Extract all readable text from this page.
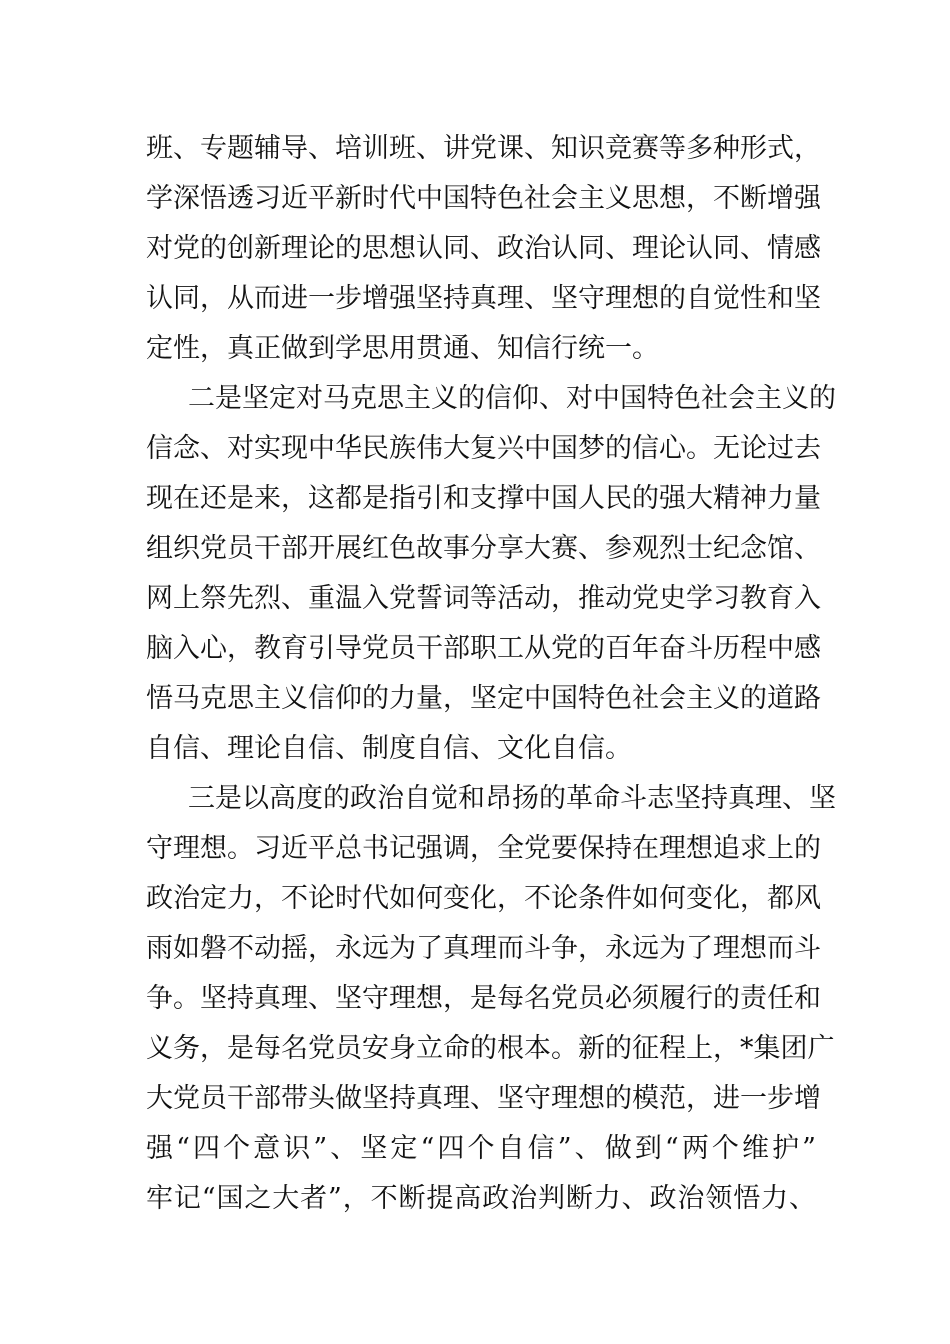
班、专题辅导、培训班、讲党课、知识竞赛等多种形式，
学深悟透习近平新时代中国特色社会主义思想，不断增强
对党的创新理论的思想认同、政治认同、理论认同、情感
认同，从而进一步增强坚持真理、坚守理想的自觉性和坚
定性，真正做到学思用贯通、知信行统一。
二是坚定对马克思主义的信仰、对中国特色社会主义的
信念、对实现中华民族伟大复兴中国梦的信心。无论过去
现在还是来，这都是指引和支撑中国人民的强大精神力量
组织党员干部开展红色故事分享大赛、参观烈士纪念馆、
网上祭先烈、重温入党誓词等活动，推动党史学习教育入
脑入心，教育引导党员干部职工从党的百年奋斗历程中感
悟马克思主义信仰的力量，坚定中国特色社会主义的道路
自信、理论自信、制度自信、文化自信。
三是以高度的政治自觉和昂扬的革命斗志坚持真理、坚
守理想。习近平总书记强调，全党要保持在理想追求上的
政治定力，不论时代如何变化，不论条件如何变化，都风
雨如磐不动摇，永远为了真理而斗争，永远为了理想而斗
争。坚持真理、坚守理想，是每名党员必须履行的责任和
义务，是每名党员安身立命的根本。新的征程上，*集团广
大党员干部带头做坚持真理、坚守理想的模范，进一步增
强“四个意识”、坚定“四个自信”、做到“两个维护”
牢记“国之大者”，不断提高政治判断力、政治领悟力、
